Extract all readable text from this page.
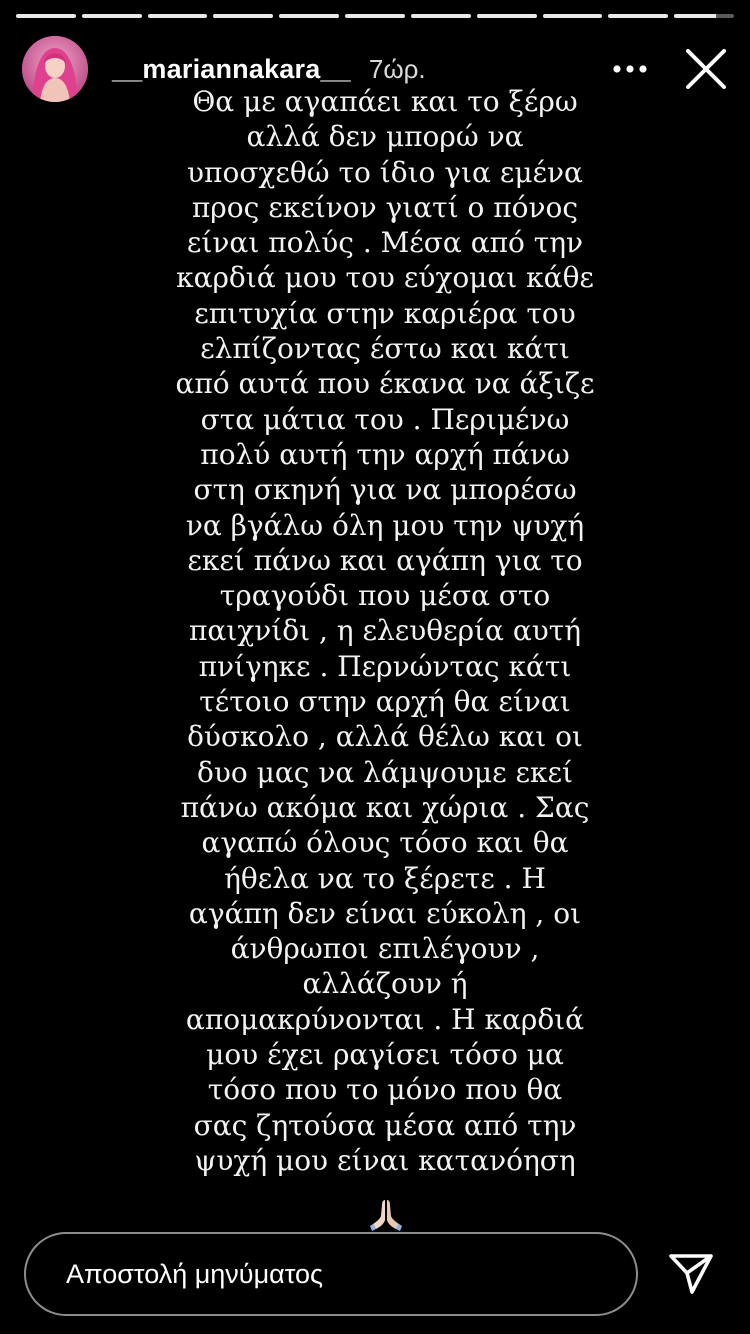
__mariannakara__ 7ώρ.
Θα με αγαπάει και το ξέρω
αλλά δεν μπορώ να
υποσχεθώ το ίδιο για εμένα
προς εκείνον γιατί ο πόνος
είναι πολύς . Μέσα από την
καρδιά μου του εύχομαι κάθε
επιτυχία στην καριέρα του
ελπίζοντας έστω και κάτι
από αυτά που έκανα να άξιζε
στα μάτια του . Περιμένω
πολύ αυτή την αρχή πάνω
στη σκηνή για να μπορέσω
να βγάλω όλη μου την ψυχή
εκεί πάνω και αγάπη για το
τραγούδι που μέσα στο
παιχνίδι , η ελευθερία αυτή
πνίγηκε . Περνώντας κάτι
τέτοιο στην αρχή θα είναι
δύσκολο , αλλά θέλω και οι
δυο μας να λάμψουμε εκεί
πάνω ακόμα και χώρια . Σας
αγαπώ όλους τόσο και θα
ήθελα να το ξέρετε . Η
αγάπη δεν είναι εύκολη , οι
άνθρωποι επιλέγουν ,
αλλάζουν ή
απομακρύνονται . Η καρδιά
μου έχει ραγίσει τόσο μα
τόσο που το μόνο που θα
σας ζητούσα μέσα από την
ψυχή μου είναι κατανόηση
Αποστολή μηνύματος
